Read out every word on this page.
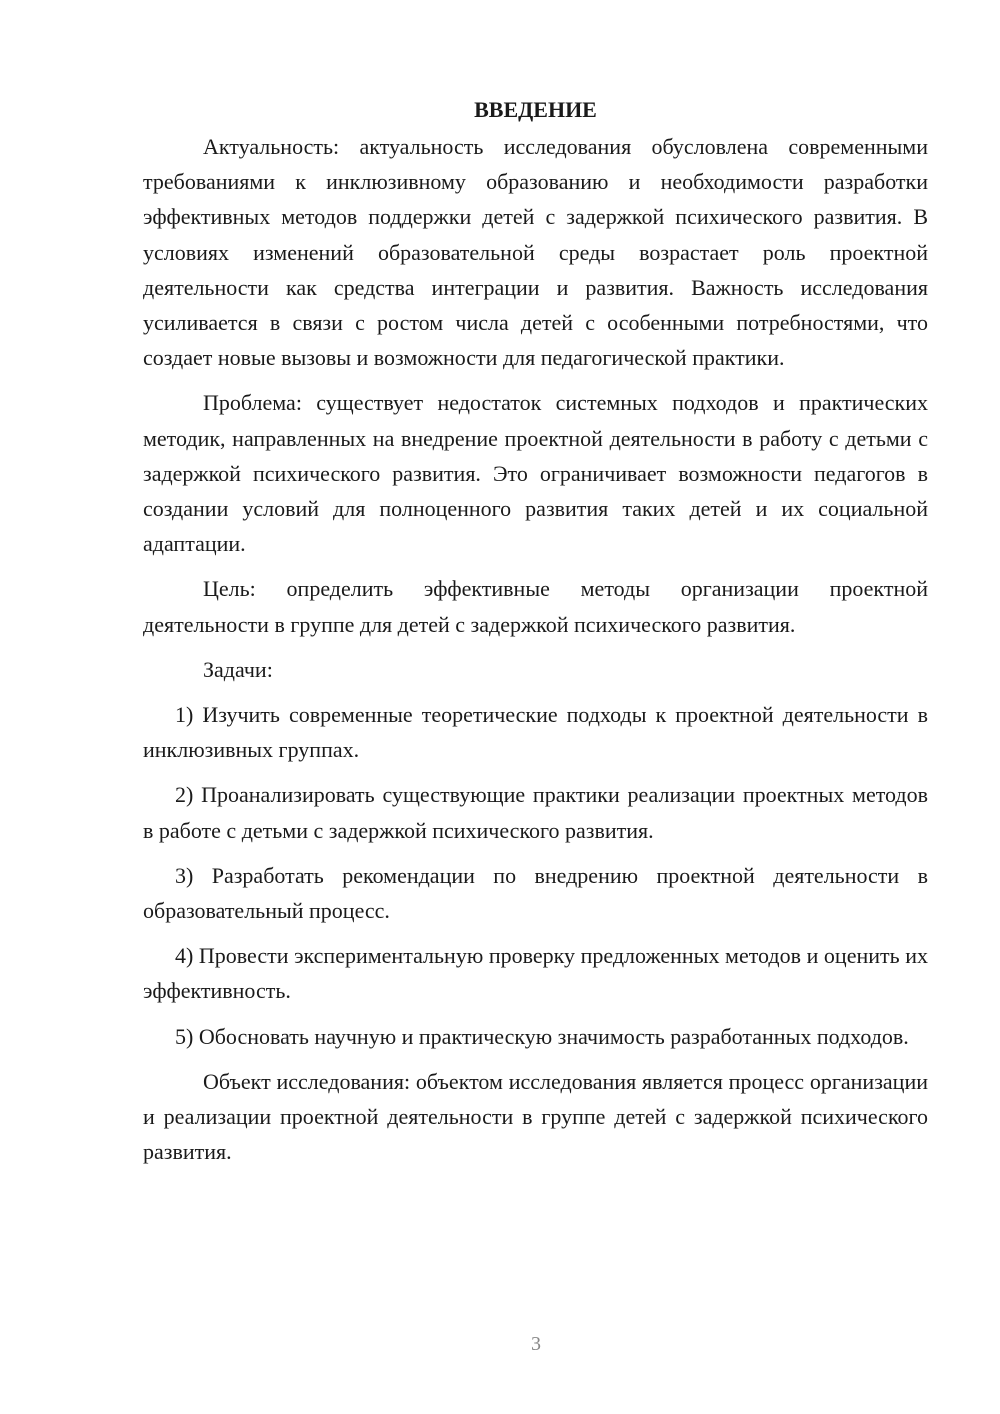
ВВЕДЕНИЕ

Актуальность: актуальность исследования обусловлена современными требованиями к инклюзивному образованию и необходимости разработки эффективных методов поддержки детей с задержкой психического развития. В условиях изменений образовательной среды возрастает роль проектной деятельности как средства интеграции и развития. Важность исследования усиливается в связи с ростом числа детей с особенными потребностями, что создает новые вызовы и возможности для педагогической практики.

Проблема: существует недостаток системных подходов и практических методик, направленных на внедрение проектной деятельности в работу с детьми с задержкой психического развития. Это ограничивает возможности педагогов в создании условий для полноценного развития таких детей и их социальной адаптации.

Цель: определить эффективные методы организации проектной деятельности в группе для детей с задержкой психического развития.

Задачи:

1) Изучить современные теоретические подходы к проектной деятельности в инклюзивных группах.

2) Проанализировать существующие практики реализации проектных методов в работе с детьми с задержкой психического развития.

3) Разработать рекомендации по внедрению проектной деятельности в образовательный процесс.

4) Провести экспериментальную проверку предложенных методов и оценить их эффективность.

5) Обосновать научную и практическую значимость разработанных подходов.

Объект исследования: объектом исследования является процесс организации и реализации проектной деятельности в группе детей с задержкой психического развития.

3
